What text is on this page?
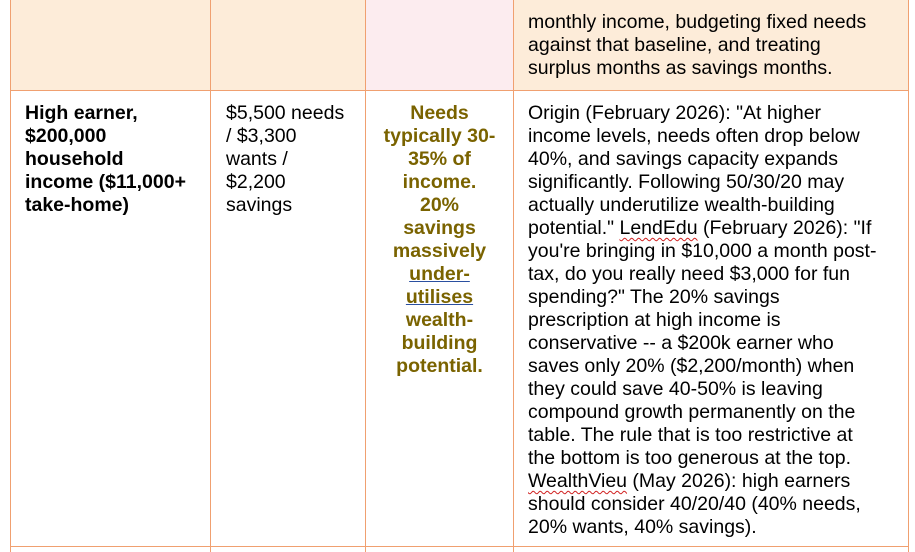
monthly income, budgeting fixed needs
against that baseline, and treating
surplus months as savings months.
High earner,
$200,000
household
income ($11,000+
take-home)
$5,500 needs
/ $3,300
wants /
$2,200
savings
Needs
typically 30-
35% of
income.
20%
savings
massively
under-
utilises
wealth-
building
potential.
Origin (February 2026): "At higher
income levels, needs often drop below
40%, and savings capacity expands
significantly. Following 50/30/20 may
actually underutilize wealth-building
potential." LendEdu (February 2026): "If
you're bringing in $10,000 a month post-
tax, do you really need $3,000 for fun
spending?" The 20% savings
prescription at high income is
conservative -- a $200k earner who
saves only 20% ($2,200/month) when
they could save 40-50% is leaving
compound growth permanently on the
table. The rule that is too restrictive at
the bottom is too generous at the top.
WealthVieu (May 2026): high earners
should consider 40/20/40 (40% needs,
20% wants, 40% savings).
